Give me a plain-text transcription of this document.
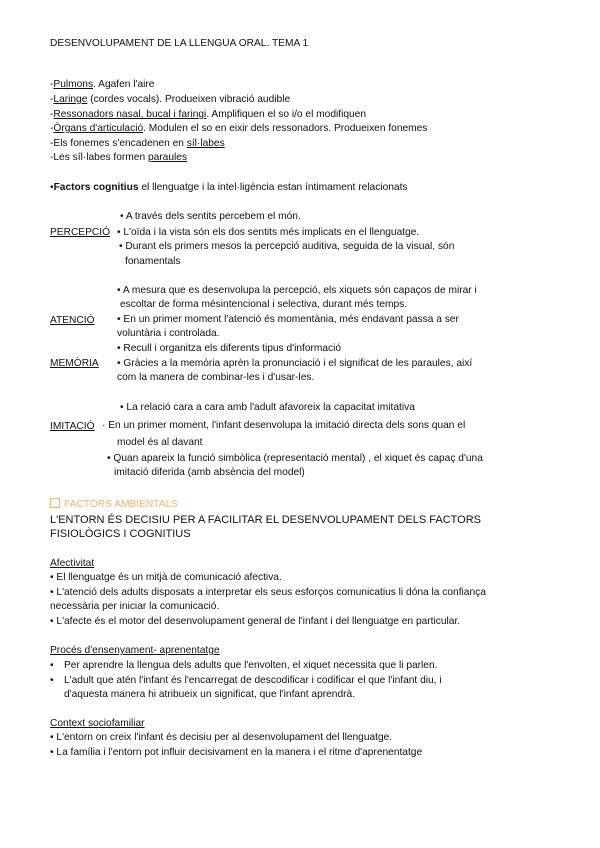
DESENVOLUPAMENT DE LA LLENGUA ORAL. TEMA 1
-Pulmons. Agafen l'aire
-Laringe (cordes vocals). Produeixen vibració audible
-Ressonadors nasal, bucal i faringi. Amplifiquen el so i/o el modifiquen
-Òrgans d'articulació. Modulen el so en eixir dels ressonadors. Produeixen fonemes
-Els fonemes s'encadenen en síl·labes
-Les síl·labes formen paraules
•Factors cognitius el llenguatge i la intel·ligència estan íntimament relacionats
PERCEPCIÓ
• A través dels sentits percebem el món.
• L'oïda i la vista són els dos sentits més implicats en el llenguatge.
• Durant els primers mesos la percepció auditiva, seguida de la visual, són
fonamentals
• A mesura que es desenvolupa la percepció, els xiquets són capaços de mirar i
escoltar de forma mésintencional i selectiva, durant més temps.
ATENCIÓ • En un primer moment l'atenció és momentània, més endavant passa a ser
voluntària i controlada.
• Recull i organitza els diferents tipus d'informació
MEMÒRIA • Gràcies a la memòria aprèn la pronunciació i el significat de les paraules, així
com la manera de combinar-les i d'usar-les.
• La relació cara a cara amb l'adult afavoreix la capacitat imitativa
IMITACIÓ · En un primer moment, l'infant desenvolupa la imitació directa dels sons quan el
model és al davant
• Quan apareix la funció simbòlica (representació mental) , el xiquet és capaç d'una
imitació diferida (amb absència del model)
FACTORS AMBIENTALS
L'ENTORN ÉS DECISIU PER A FACILITAR EL DESENVOLUPAMENT DELS FACTORS
FISIOLÒGICS I COGNITIUS
Afectivitat
• El llenguatge és un mitjà de comunicació afectiva.
• L'atenció dels adults disposats a interpretar els seus esforços comunicatius li dóna la confiança
necessària per iniciar la comunicació.
• L'afecte és el motor del desenvolupament general de l'infant i del llenguatge en particular.
Procés d'ensenyament- aprenentatge
• Per aprendre la llengua dels adults que l'envolten, el xiquet necessita que li parlen.
• L'adult que atén l'infant és l'encarregat de descodificar i codificar el que l'infant diu, i
d'aquesta manera hi atribueix un significat, que l'infant aprendrà.
Context sociofamiliar
• L'entorn on creix l'infant és decisiu per al desenvolupament del llenguatge.
• La família i l'entorn pot influir decisivament en la manera i el ritme d'aprenentatge
